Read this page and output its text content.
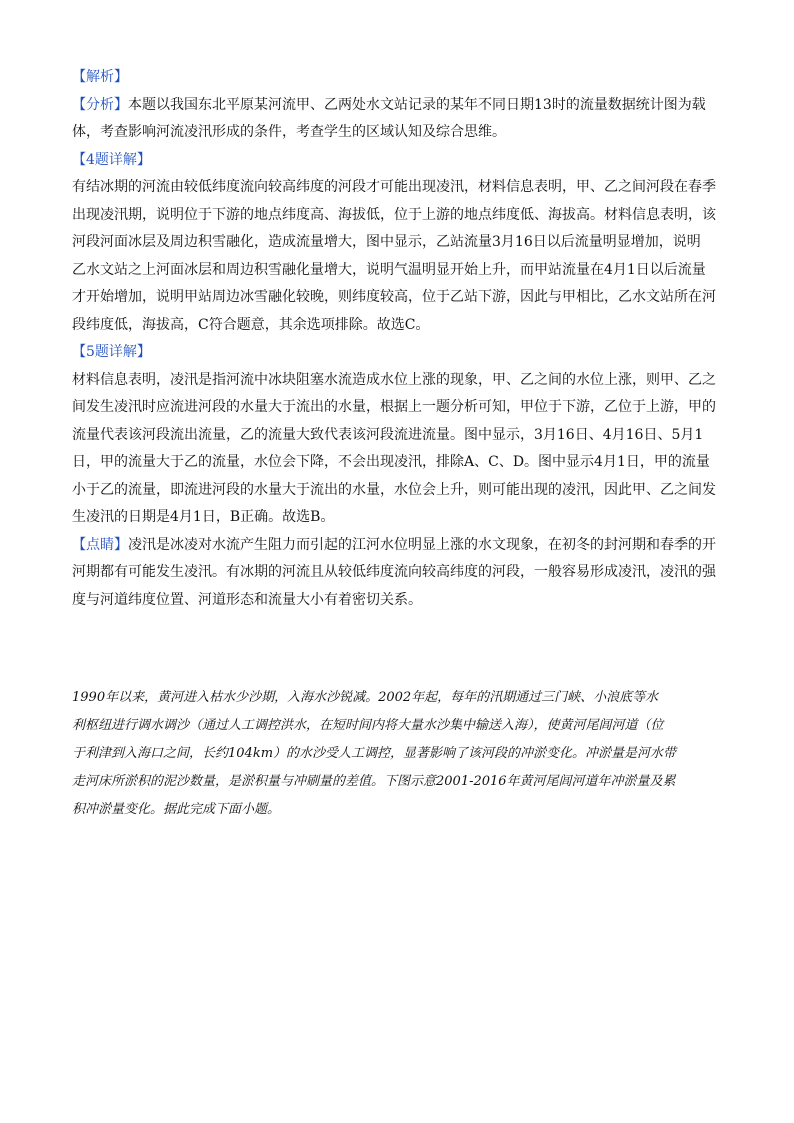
【解析】

【分析】本题以我国东北平原某河流甲、乙两处水文站记录的某年不同日期13时的流量数据统计图为载

体，考查影响河流凌汛形成的条件，考查学生的区域认知及综合思维。

【4题详解】

有结冰期的河流由较低纬度流向较高纬度的河段才可能出现凌汛，材料信息表明，甲、乙之间河段在春季

出现凌汛期，说明位于下游的地点纬度高、海拔低，位于上游的地点纬度低、海拔高。材料信息表明，该

河段河面冰层及周边积雪融化，造成流量增大，图中显示，乙站流量3月16日以后流量明显增加，说明

乙水文站之上河面冰层和周边积雪融化量增大，说明气温明显开始上升，而甲站流量在4月1日以后流量

才开始增加，说明甲站周边冰雪融化较晚，则纬度较高，位于乙站下游，因此与甲相比，乙水文站所在河

段纬度低，海拔高，C符合题意，其余选项排除。故选C。

【5题详解】

材料信息表明，凌汛是指河流中冰块阻塞水流造成水位上涨的现象，甲、乙之间的水位上涨，则甲、乙之

间发生凌汛时应流进河段的水量大于流出的水量，根据上一题分析可知，甲位于下游，乙位于上游，甲的

流量代表该河段流出流量，乙的流量大致代表该河段流进流量。图中显示，3月16日、4月16日、5月1

日，甲的流量大于乙的流量，水位会下降，不会出现凌汛，排除A、C、D。图中显示4月1日，甲的流量

小于乙的流量，即流进河段的水量大于流出的水量，水位会上升，则可能出现的凌汛，因此甲、乙之间发

生凌汛的日期是4月1日，B正确。故选B。

【点睛】凌汛是冰凌对水流产生阻力而引起的江河水位明显上涨的水文现象，在初冬的封河期和春季的开

河期都有可能发生凌汛。有冰期的河流且从较低纬度流向较高纬度的河段，一般容易形成凌汛，凌汛的强

度与河道纬度位置、河道形态和流量大小有着密切关系。

1990年以来，黄河进入枯水少沙期，入海水沙锐减。2002年起，每年的汛期通过三门峡、小浪底等水

利枢纽进行调水调沙（通过人工调控洪水，在短时间内将大量水沙集中输送入海），使黄河尾闾河道（位

于利津到入海口之间，长约104km）的水沙受人工调控，显著影响了该河段的冲淤变化。冲淤量是河水带

走河床所淤积的泥沙数量，是淤积量与冲刷量的差值。下图示意2001-2016年黄河尾闾河道年冲淤量及累

积冲淤量变化。据此完成下面小题。
